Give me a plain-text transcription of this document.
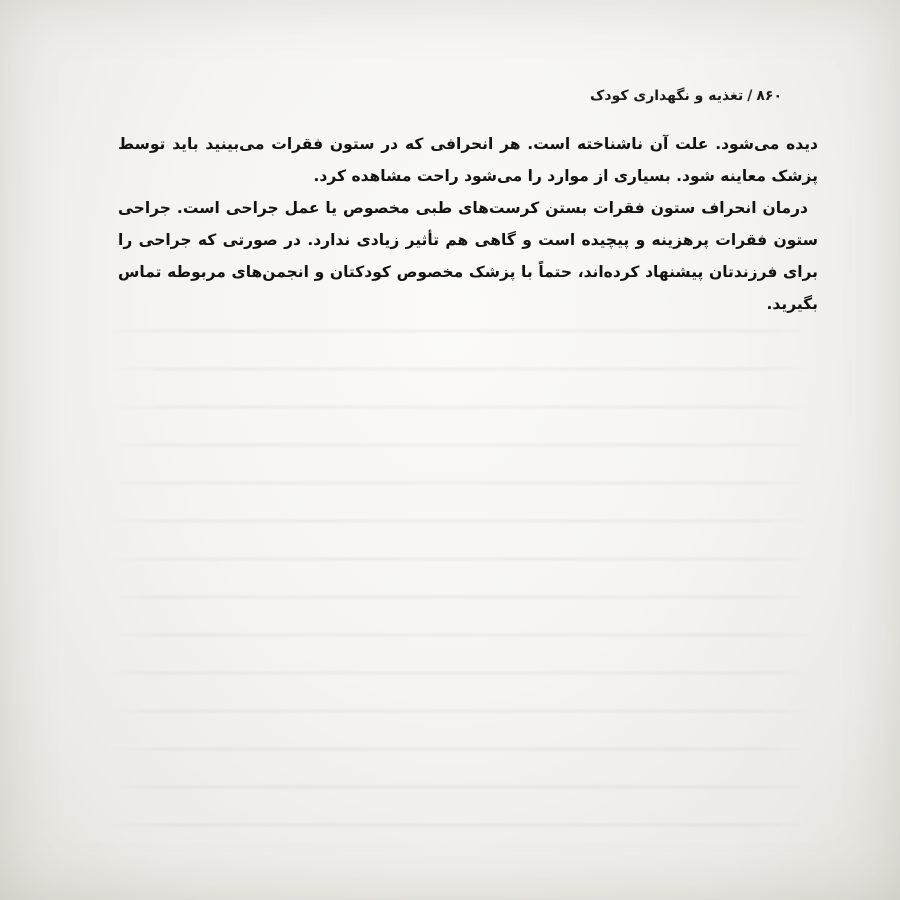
۸۶۰/تغذیه و نگهداری کودک

دیده می‌شود. علت آن ناشناخته است. هر انحرافی که در ستون فقرات می‌بینید باید توسط پزشک معاینه شود. بسیاری از موارد را می‌شود راحت مشاهده کرد.

درمان انحراف ستون فقرات بستن کرست‌های طبی مخصوص یا عمل جراحی است. جراحی ستون فقرات پرهزینه و پیچیده است و گاهی هم تأثیر زیادی ندارد. در صورتی که جراحی را برای فرزندتان پیشنهاد کرده‌اند، حتماً با پزشک مخصوص کودکتان و انجمن‌های مربوطه تماس بگیرید.
